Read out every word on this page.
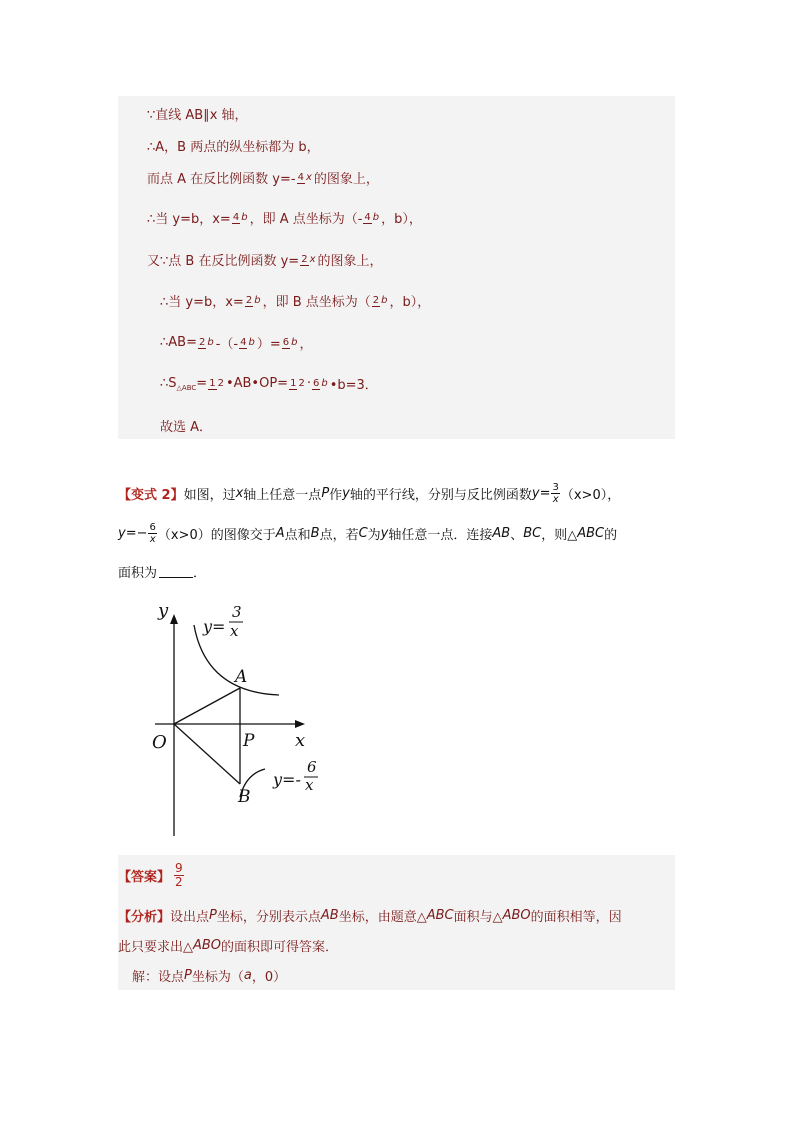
∵直线 AB∥x 轴，
∴A，B 两点的纵坐标都为 b，
而点 A 在反比例函数 y=- 4 x 的图象上，
∴当 y=b，x= 4 b ，即 A 点坐标为（- 4 b ，b），
又∵点 B 在反比例函数 y= 2 x 的图象上，
∴当 y=b，x= 2 b ，即 B 点坐标为（ 2 b ，b），
∴AB= 2 b -（- 4 b ）= 6 b ，
∴S △ABC = 1 2 •AB•OP= 1 2 · 6 b •b=3．
故选 A．
【变式 2】 如图，过 x 轴上任意一点 P 作 y 轴的平行线，分别与反比例函数 $y= \frac{3}{x} (x>0)$，
$y=- \frac{6}{x} (x>0)$的图像交于 A 点和 B 点，若 C 为 y 轴任意一点．连接 AB 、 BC ，则△ ABC 的
面积为	．
y
x
O
A
B
P
y=
3
x
y=-
6
x
【答案】 $\frac{9}{2}$
【分析】 设出点 P 坐标，分别表示点 AB 坐标，由题意△ ABC 面积与△ ABO 的面积相等，因
此只要求出△ ABO 的面积即可得答案．
解：设点 P 坐标为（ a ，0）
